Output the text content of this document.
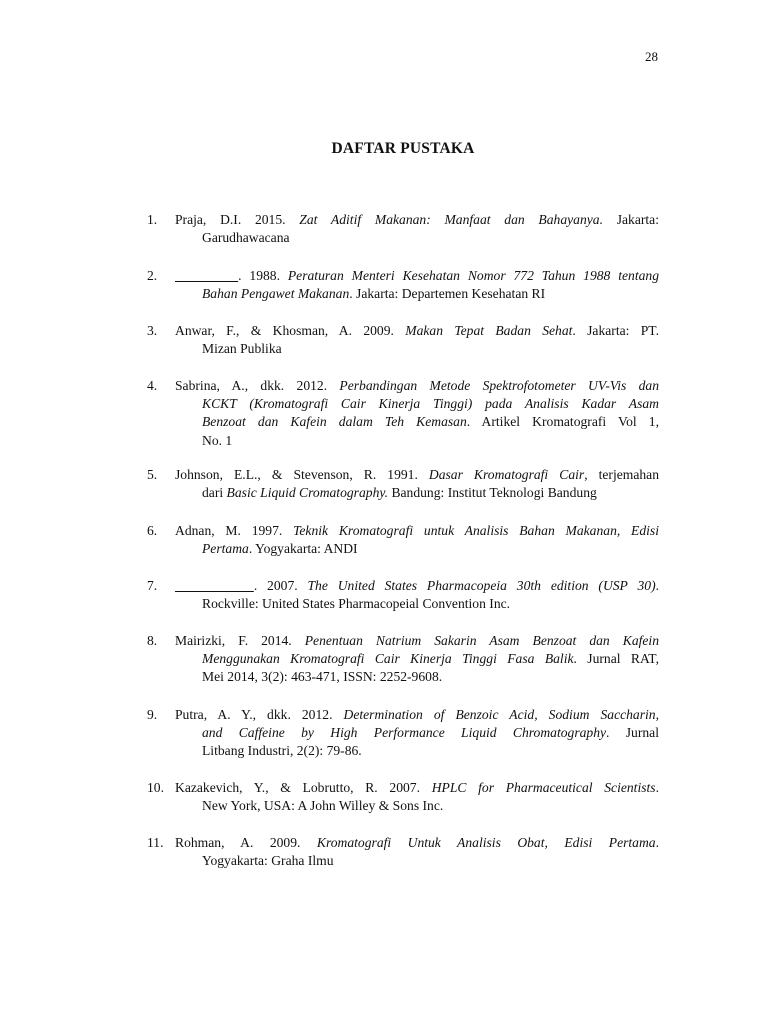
28
DAFTAR PUSTAKA
1. Praja, D.I. 2015. Zat Aditif Makanan: Manfaat dan Bahayanya. Jakarta:
Garudhawacana
2.	. 1988. Peraturan Menteri Kesehatan Nomor 772 Tahun 1988 tentang
Bahan Pengawet Makanan. Jakarta: Departemen Kesehatan RI
3. Anwar, F., & Khosman, A. 2009. Makan Tepat Badan Sehat. Jakarta: PT.
Mizan Publika
4. Sabrina, A., dkk. 2012. Perbandingan Metode Spektrofotometer UV-Vis dan
KCKT (Kromatografi Cair Kinerja Tinggi) pada Analisis Kadar Asam
Benzoat dan Kafein dalam Teh Kemasan. Artikel Kromatografi Vol 1,
No. 1
5. Johnson, E.L., & Stevenson, R. 1991. Dasar Kromatografi Cair, terjemahan
dari Basic Liquid Cromatography. Bandung: Institut Teknologi Bandung
6. Adnan, M. 1997. Teknik Kromatografi untuk Analisis Bahan Makanan, Edisi
Pertama. Yogyakarta: ANDI
7.	. 2007. The United States Pharmacopeia 30th edition (USP 30).
Rockville: United States Pharmacopeial Convention Inc.
8. Mairizki, F. 2014. Penentuan Natrium Sakarin Asam Benzoat dan Kafein
Menggunakan Kromatografi Cair Kinerja Tinggi Fasa Balik. Jurnal RAT,
Mei 2014, 3(2): 463-471, ISSN: 2252-9608.
9. Putra, A. Y., dkk. 2012. Determination of Benzoic Acid, Sodium Saccharin,
and Caffeine by High Performance Liquid Chromatography. Jurnal
Litbang Industri, 2(2): 79-86.
10. Kazakevich, Y., & Lobrutto, R. 2007. HPLC for Pharmaceutical Scientists.
New York, USA: A John Willey & Sons Inc.
11. Rohman, A. 2009. Kromatografi Untuk Analisis Obat, Edisi Pertama.
Yogyakarta: Graha Ilmu
